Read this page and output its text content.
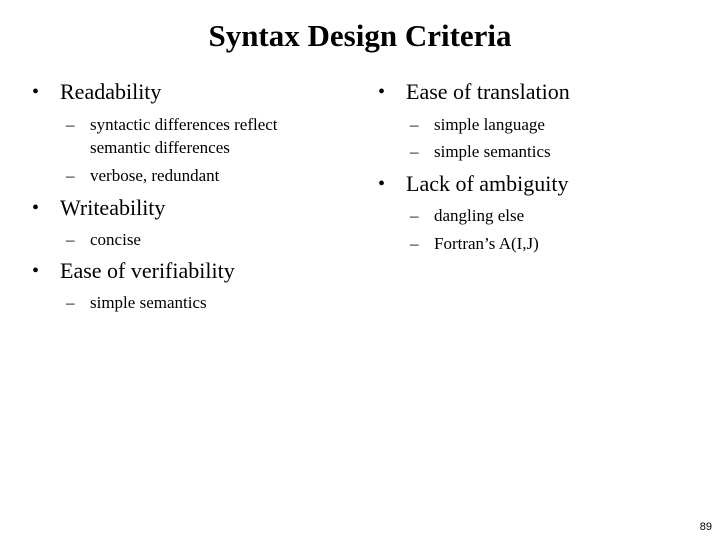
Syntax Design Criteria
• Readability
– syntactic differences reflect semantic differences
– verbose, redundant
• Writeability
– concise
• Ease of verifiability
– simple semantics
• Ease of translation
– simple language
– simple semantics
• Lack of ambiguity
– dangling else
– Fortran’s A(I,J)
89
